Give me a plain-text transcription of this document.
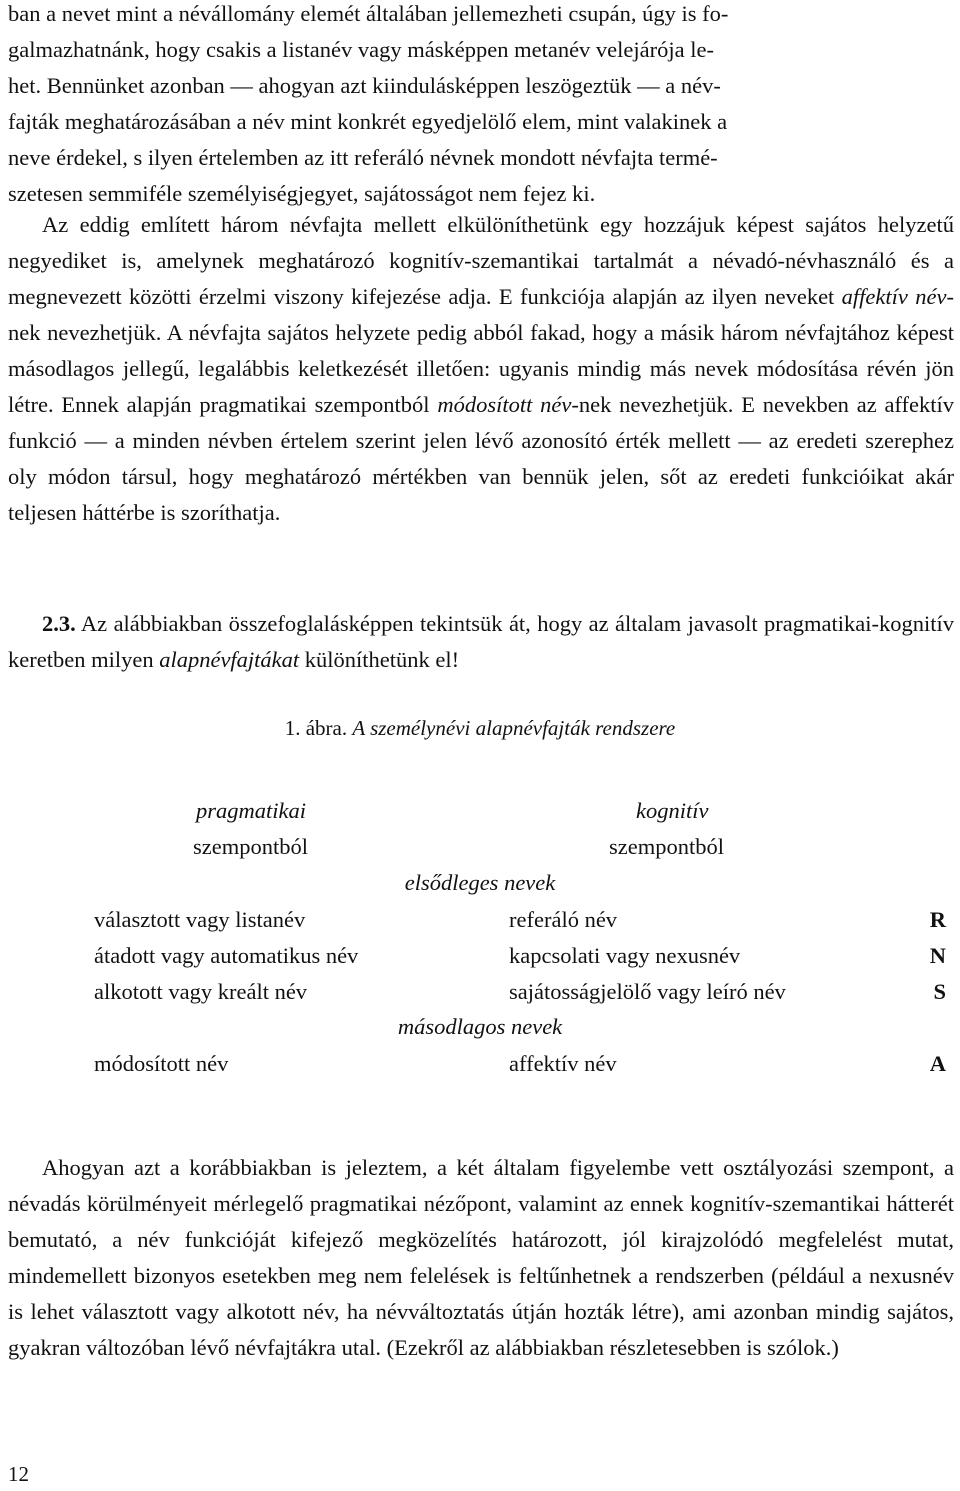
ban a nevet mint a névállomány elemét általában jellemezheti csupán, úgy is fo-
galmazhatnánk, hogy csakis a listanév vagy másképpen metanév velejárója le-
het. Bennünket azonban — ahogyan azt kiindulásképpen leszögeztük — a név-
fajták meghatározásában a név mint konkrét egyedjelölő elem, mint valakinek a
neve érdekel, s ilyen értelemben az itt referáló névnek mondott névfajta termé-
szetesen semmiféle személyiségjegyet, sajátosságot nem fejez ki.

Az eddig említett három névfajta mellett elkülöníthetünk egy hozzájuk képest sajátos helyzetű negyediket is, amelynek meghatározó kognitív-szemantikai tartalmát a névadó-névhasználó és a megnevezett közötti érzelmi viszony kifejezése adja. E funkciója alapján az ilyen neveket affektív név-nek nevezhetjük. A névfajta sajátos helyzete pedig abból fakad, hogy a másik három névfajtához képest másodlagos jellegű, legalábbis keletkezését illetően: ugyanis mindig más nevek módosítása révén jön létre. Ennek alapján pragmatikai szempontból módosított név-nek nevezhetjük. E nevekben az affektív funkció — a minden névben értelem szerint jelen lévő azonosító érték mellett — az eredeti szerephez oly módon társul, hogy meghatározó mértékben van bennük jelen, sőt az eredeti funkcióikat akár teljesen háttérbe is szoríthatja.

2.3. Az alábbiakban összefoglalásképpen tekintsük át, hogy az általam javasolt pragmatikai-kognitív keretben milyen alapnévfajtákat különíthetünk el!

1. ábra. A személynévi alapnévfajták rendszere
pragmatikai
szempontból
kognitív
szempontból
elsődleges nevek
választott vagy listanév	referáló név	R
átadott vagy automatikus név	kapcsolati vagy nexusnév	N
alkotott vagy kreált név	sajátosságjelölő vagy leíró név	S
másodlagos nevek
módosított név	affektív név	A

Ahogyan azt a korábbiakban is jeleztem, a két általam figyelembe vett osztályozási szempont, a névadás körülményeit mérlegelő pragmatikai nézőpont, valamint az ennek kognitív-szemantikai hátterét bemutató, a név funkcióját kifejező megközelítés határozott, jól kirajzolódó megfelelést mutat, mindemellett bizonyos esetekben meg nem felelések is feltűnhetnek a rendszerben (például a nexusnév is lehet választott vagy alkotott név, ha névváltoztatás útján hozták létre), ami azonban mindig sajátos, gyakran változóban lévő névfajtákra utal. (Ezekről az alábbiakban részletesebben is szólok.)

12
